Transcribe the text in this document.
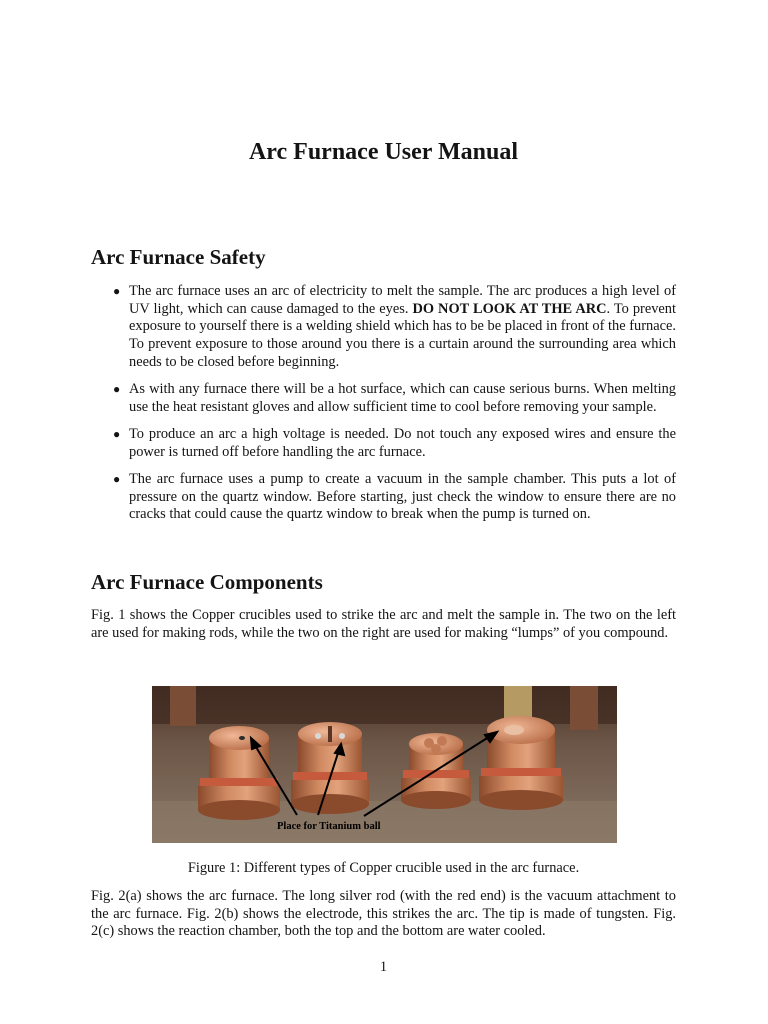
Arc Furnace User Manual
Arc Furnace Safety
● The arc furnace uses an arc of electricity to melt the sample. The arc produces a high level of UV light, which can cause damaged to the eyes. DO NOT LOOK AT THE ARC. To prevent exposure to yourself there is a welding shield which has to be be placed in front of the furnace. To prevent exposure to those around you there is a curtain around the surrounding area which needs to be closed before beginning.
● As with any furnace there will be a hot surface, which can cause serious burns. When melting use the heat resistant gloves and allow sufficient time to cool before removing your sample.
● To produce an arc a high voltage is needed. Do not touch any exposed wires and ensure the power is turned off before handling the arc furnace.
● The arc furnace uses a pump to create a vacuum in the sample chamber. This puts a lot of pressure on the quartz window. Before starting, just check the window to ensure there are no cracks that could cause the quartz window to break when the pump is turned on.
Arc Furnace Components

Fig. 1 shows the Copper crucibles used to strike the arc and melt the sample in. The two on the left are used for making rods, while the two on the right are used for making “lumps” of you compound.

Place for Titanium ball
Figure 1: Different types of Copper crucible used in the arc furnace.

Fig. 2(a) shows the arc furnace. The long silver rod (with the red end) is the vacuum attachment to the arc furnace. Fig. 2(b) shows the electrode, this strikes the arc. The tip is made of tungsten. Fig. 2(c) shows the reaction chamber, both the top and the bottom are water cooled.

1
